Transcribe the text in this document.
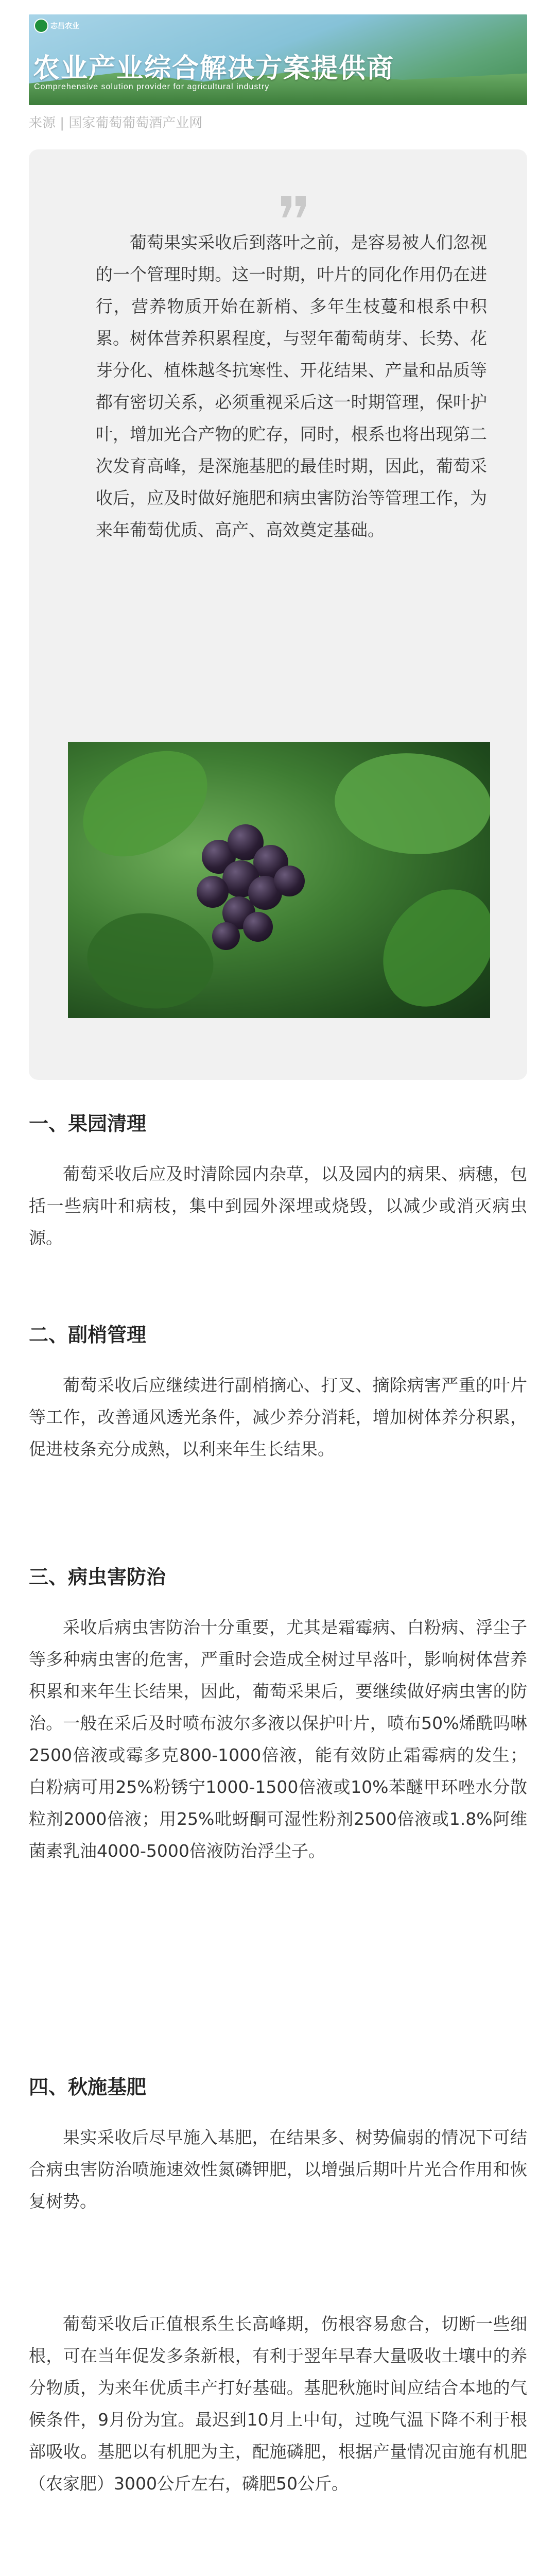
志昌农业
农业产业综合解决方案提供商
Comprehensive solution provider for agricultural industry
来源 | 国家葡萄葡萄酒产业网
葡萄果实采收后到落叶之前，是容易被人们忽视的一个管理时期。这一时期，叶片的同化作用仍在进行，营养物质开始在新梢、多年生枝蔓和根系中积累。树体营养积累程度，与翌年葡萄萌芽、长势、花芽分化、植株越冬抗寒性、开花结果、产量和品质等都有密切关系，必须重视采后这一时期管理，保叶护叶，增加光合产物的贮存，同时，根系也将出现第二次发育高峰，是深施基肥的最佳时期，因此，葡萄采收后，应及时做好施肥和病虫害防治等管理工作，为来年葡萄优质、高产、高效奠定基础。
一、果园清理
葡萄采收后应及时清除园内杂草，以及园内的病果、病穗，包括一些病叶和病枝，集中到园外深埋或烧毁，以减少或消灭病虫源。
二、副梢管理
葡萄采收后应继续进行副梢摘心、打叉、摘除病害严重的叶片等工作，改善通风透光条件，减少养分消耗，增加树体养分积累，促进枝条充分成熟，以利来年生长结果。
三、病虫害防治
采收后病虫害防治十分重要，尤其是霜霉病、白粉病、浮尘子等多种病虫害的危害，严重时会造成全树过早落叶，影响树体营养积累和来年生长结果，因此，葡萄采果后，要继续做好病虫害的防治。一般在采后及时喷布波尔多液以保护叶片，喷布50%烯酰吗啉2500倍液或霉多克800-1000倍液，能有效防止霜霉病的发生；白粉病可用25%粉锈宁1000-1500倍液或10%苯醚甲环唑水分散粒剂2000倍液；用25%吡蚜酮可湿性粉剂2500倍液或1.8%阿维菌素乳油4000-5000倍液防治浮尘子。
四、秋施基肥
果实采收后尽早施入基肥，在结果多、树势偏弱的情况下可结合病虫害防治喷施速效性氮磷钾肥，以增强后期叶片光合作用和恢复树势。
葡萄采收后正值根系生长高峰期，伤根容易愈合，切断一些细根，可在当年促发多条新根，有利于翌年早春大量吸收土壤中的养分物质，为来年优质丰产打好基础。基肥秋施时间应结合本地的气候条件，9月份为宜。最迟到10月上中旬，过晚气温下降不利于根部吸收。基肥以有机肥为主，配施磷肥，根据产量情况亩施有机肥（农家肥）3000公斤左右，磷肥50公斤。
